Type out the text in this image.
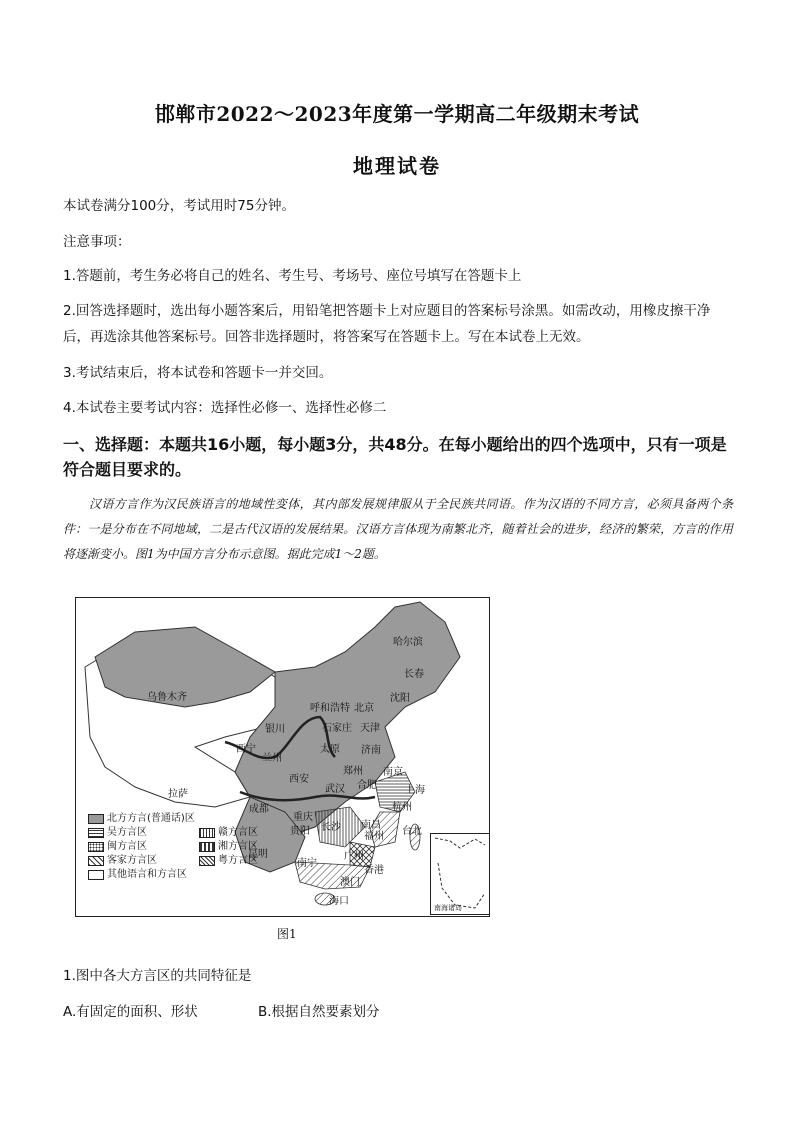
邯郸市2022～2023年度第一学期高二年级期末考试
地理试卷
本试卷满分100分，考试用时75分钟。
注意事项：
1.答题前，考生务必将自己的姓名、考生号、考场号、座位号填写在答题卡上
2.回答选择题时，选出每小题答案后，用铅笔把答题卡上对应题目的答案标号涂黑。如需改动，用橡皮擦干净
后，再选涂其他答案标号。回答非选择题时，将答案写在答题卡上。写在本试卷上无效。
3.考试结束后，将本试卷和答题卡一并交回。
4.本试卷主要考试内容：选择性必修一、选择性必修二
一、选择题：本题共16小题，每小题3分，共48分。在每小题给出的四个选项中，只有一项是符合题目要求的。
汉语方言作为汉民族语言的地域性变体，其内部发展规律服从于全民族共同语。作为汉语的不同方言，必须具备两个条件：一是分布在不同地域，二是古代汉语的发展结果。汉语方言体现为南繁北齐，随着社会的进步，经济的繁荣，方言的作用将逐渐变小。图1为中国方言分布示意图。据此完成1～2题。
南海诸岛
哈尔滨
长春
沈阳
乌鲁木齐
呼和浩特 北京
银川	石家庄 天津
太原 济南
西宁
兰州
西安
郑州 南京
上海
拉萨
成都
武汉 合肥
杭州
重庆
长沙 南昌
福州
贵阳	台北
昆明
南宁
广州
香港
澳门
海口
北方方言(普通话)区
吴方言区
闽方言区
客家方言区
其他语言和方言区
赣方言区
湘方言区
粤方言区
图1
1.图中各大方言区的共同特征是
A.有固定的面积、形状	B.根据自然要素划分
